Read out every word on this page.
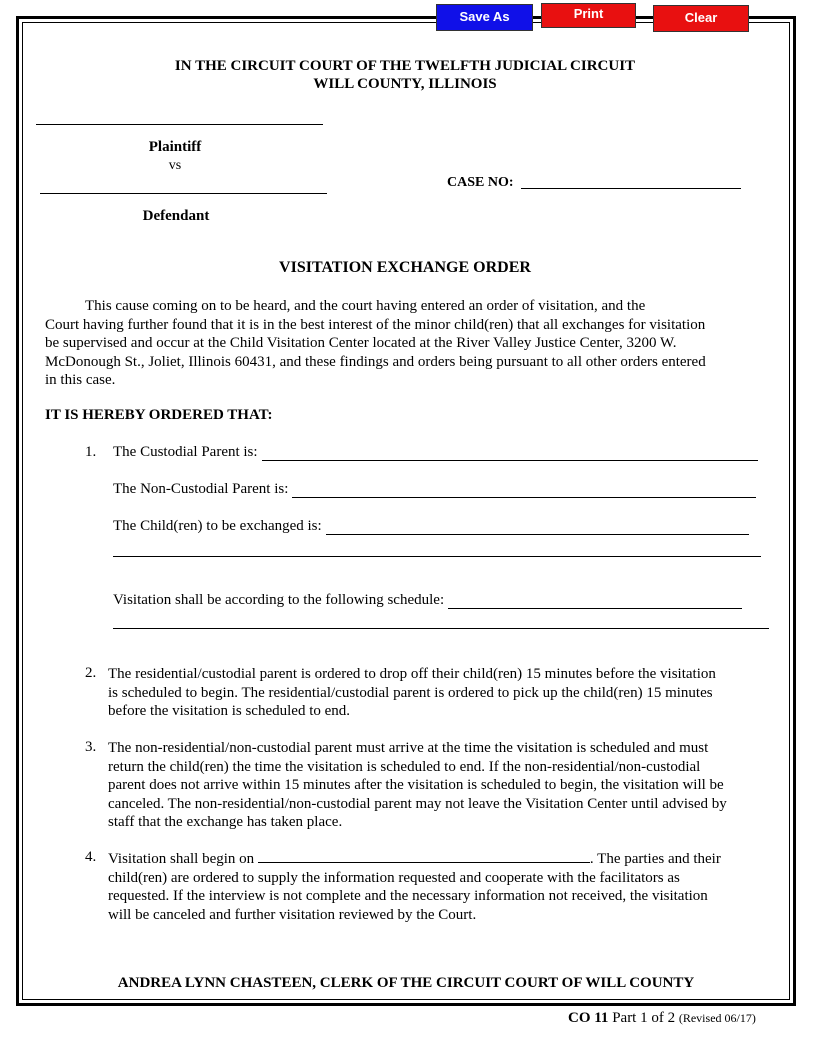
Save As	Print	Clear
IN THE CIRCUIT COURT OF THE TWELFTH JUDICIAL CIRCUIT
WILL COUNTY, ILLINOIS
Plaintiff
vs
Defendant
CASE NO:
VISITATION EXCHANGE ORDER
This cause coming on to be heard, and the court having entered an order of visitation, and the
Court having further found that it is in the best interest of the minor child(ren) that all exchanges for visitation
be supervised and occur at the Child Visitation Center located at the River Valley Justice Center, 3200 W.
McDonough St., Joliet, Illinois 60431, and these findings and orders being pursuant to all other orders entered
in this case.
IT IS HEREBY ORDERED THAT:
1. The Custodial Parent is:
The Non-Custodial Parent is:
The Child(ren) to be exchanged is:
Visitation shall be according to the following schedule:
2. The residential/custodial parent is ordered to drop off their child(ren) 15 minutes before the visitation
is scheduled to begin. The residential/custodial parent is ordered to pick up the child(ren) 15 minutes
before the visitation is scheduled to end.
3. The non-residential/non-custodial parent must arrive at the time the visitation is scheduled and must
return the child(ren) the time the visitation is scheduled to end. If the non-residential/non-custodial
parent does not arrive within 15 minutes after the visitation is scheduled to begin, the visitation will be
canceled. The non-residential/non-custodial parent may not leave the Visitation Center until advised by
staff that the exchange has taken place.
4. Visitation shall begin on	. The parties and their
child(ren) are ordered to supply the information requested and cooperate with the facilitators as
requested. If the interview is not complete and the necessary information not received, the visitation
will be canceled and further visitation reviewed by the Court.
ANDREA LYNN CHASTEEN, CLERK OF THE CIRCUIT COURT OF WILL COUNTY
CO 11 Part 1 of 2 (Revised 06/17)
